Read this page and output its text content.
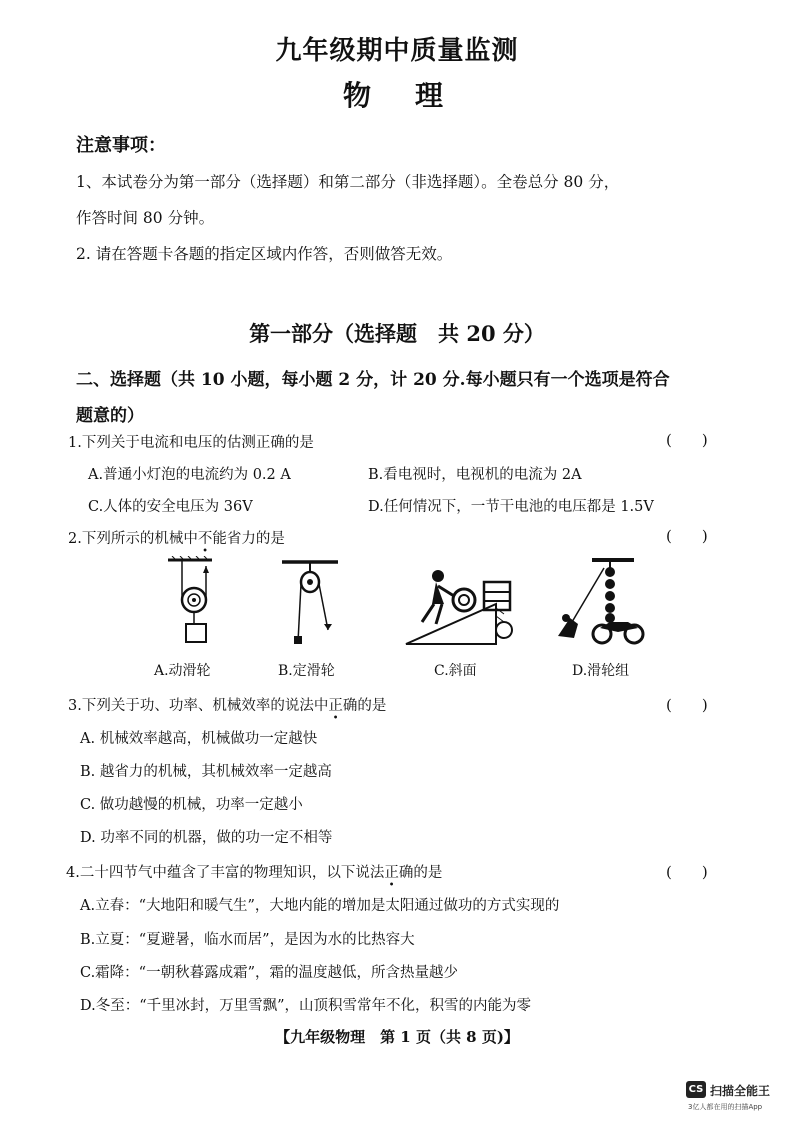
九年级期中质量监测
物理
注意事项：
1、本试卷分为第一部分（选择题）和第二部分（非选择题）。全卷总分 80 分，
作答时间 80 分钟。
2. 请在答题卡各题的指定区域内作答，否则做答无效。
第一部分（选择题　共 20 分）
二、选择题（共 10 小题，每小题 2 分，计 20 分.每小题只有一个选项是符合
题意的）
1.下列关于电流和电压的估测正确的是	(　　)
A.普通小灯泡的电流约为 0.2 A	B.看电视时，电视机的电流为 2A
C.人体的安全电压为 36V	D.任何情况下，一节干电池的电压都是 1.5V
2.下列所示的机械中不能省力的是	(　　)
A.动滑轮	B.定滑轮	C.斜面	D.滑轮组
3.下列关于功、功率、机械效率的说法中正确的是	(　　)
A. 机械效率越高，机械做功一定越快
B. 越省力的机械，其机械效率一定越高
C. 做功越慢的机械，功率一定越小
D. 功率不同的机器，做的功一定不相等
4.二十四节气中蕴含了丰富的物理知识，以下说法正确的是	(　　)
A.立春：“大地阳和暖气生”，大地内能的增加是太阳通过做功的方式实现的
B.立夏：“夏避暑，临水而居”，是因为水的比热容大
C.霜降：“一朝秋暮露成霜”，霜的温度越低，所含热量越少
D.冬至：“千里冰封，万里雪飘”，山顶积雪常年不化，积雪的内能为零
【九年级物理　第 1 页（共 8 页)】
CS 扫描全能王
3亿人都在用的扫描App
